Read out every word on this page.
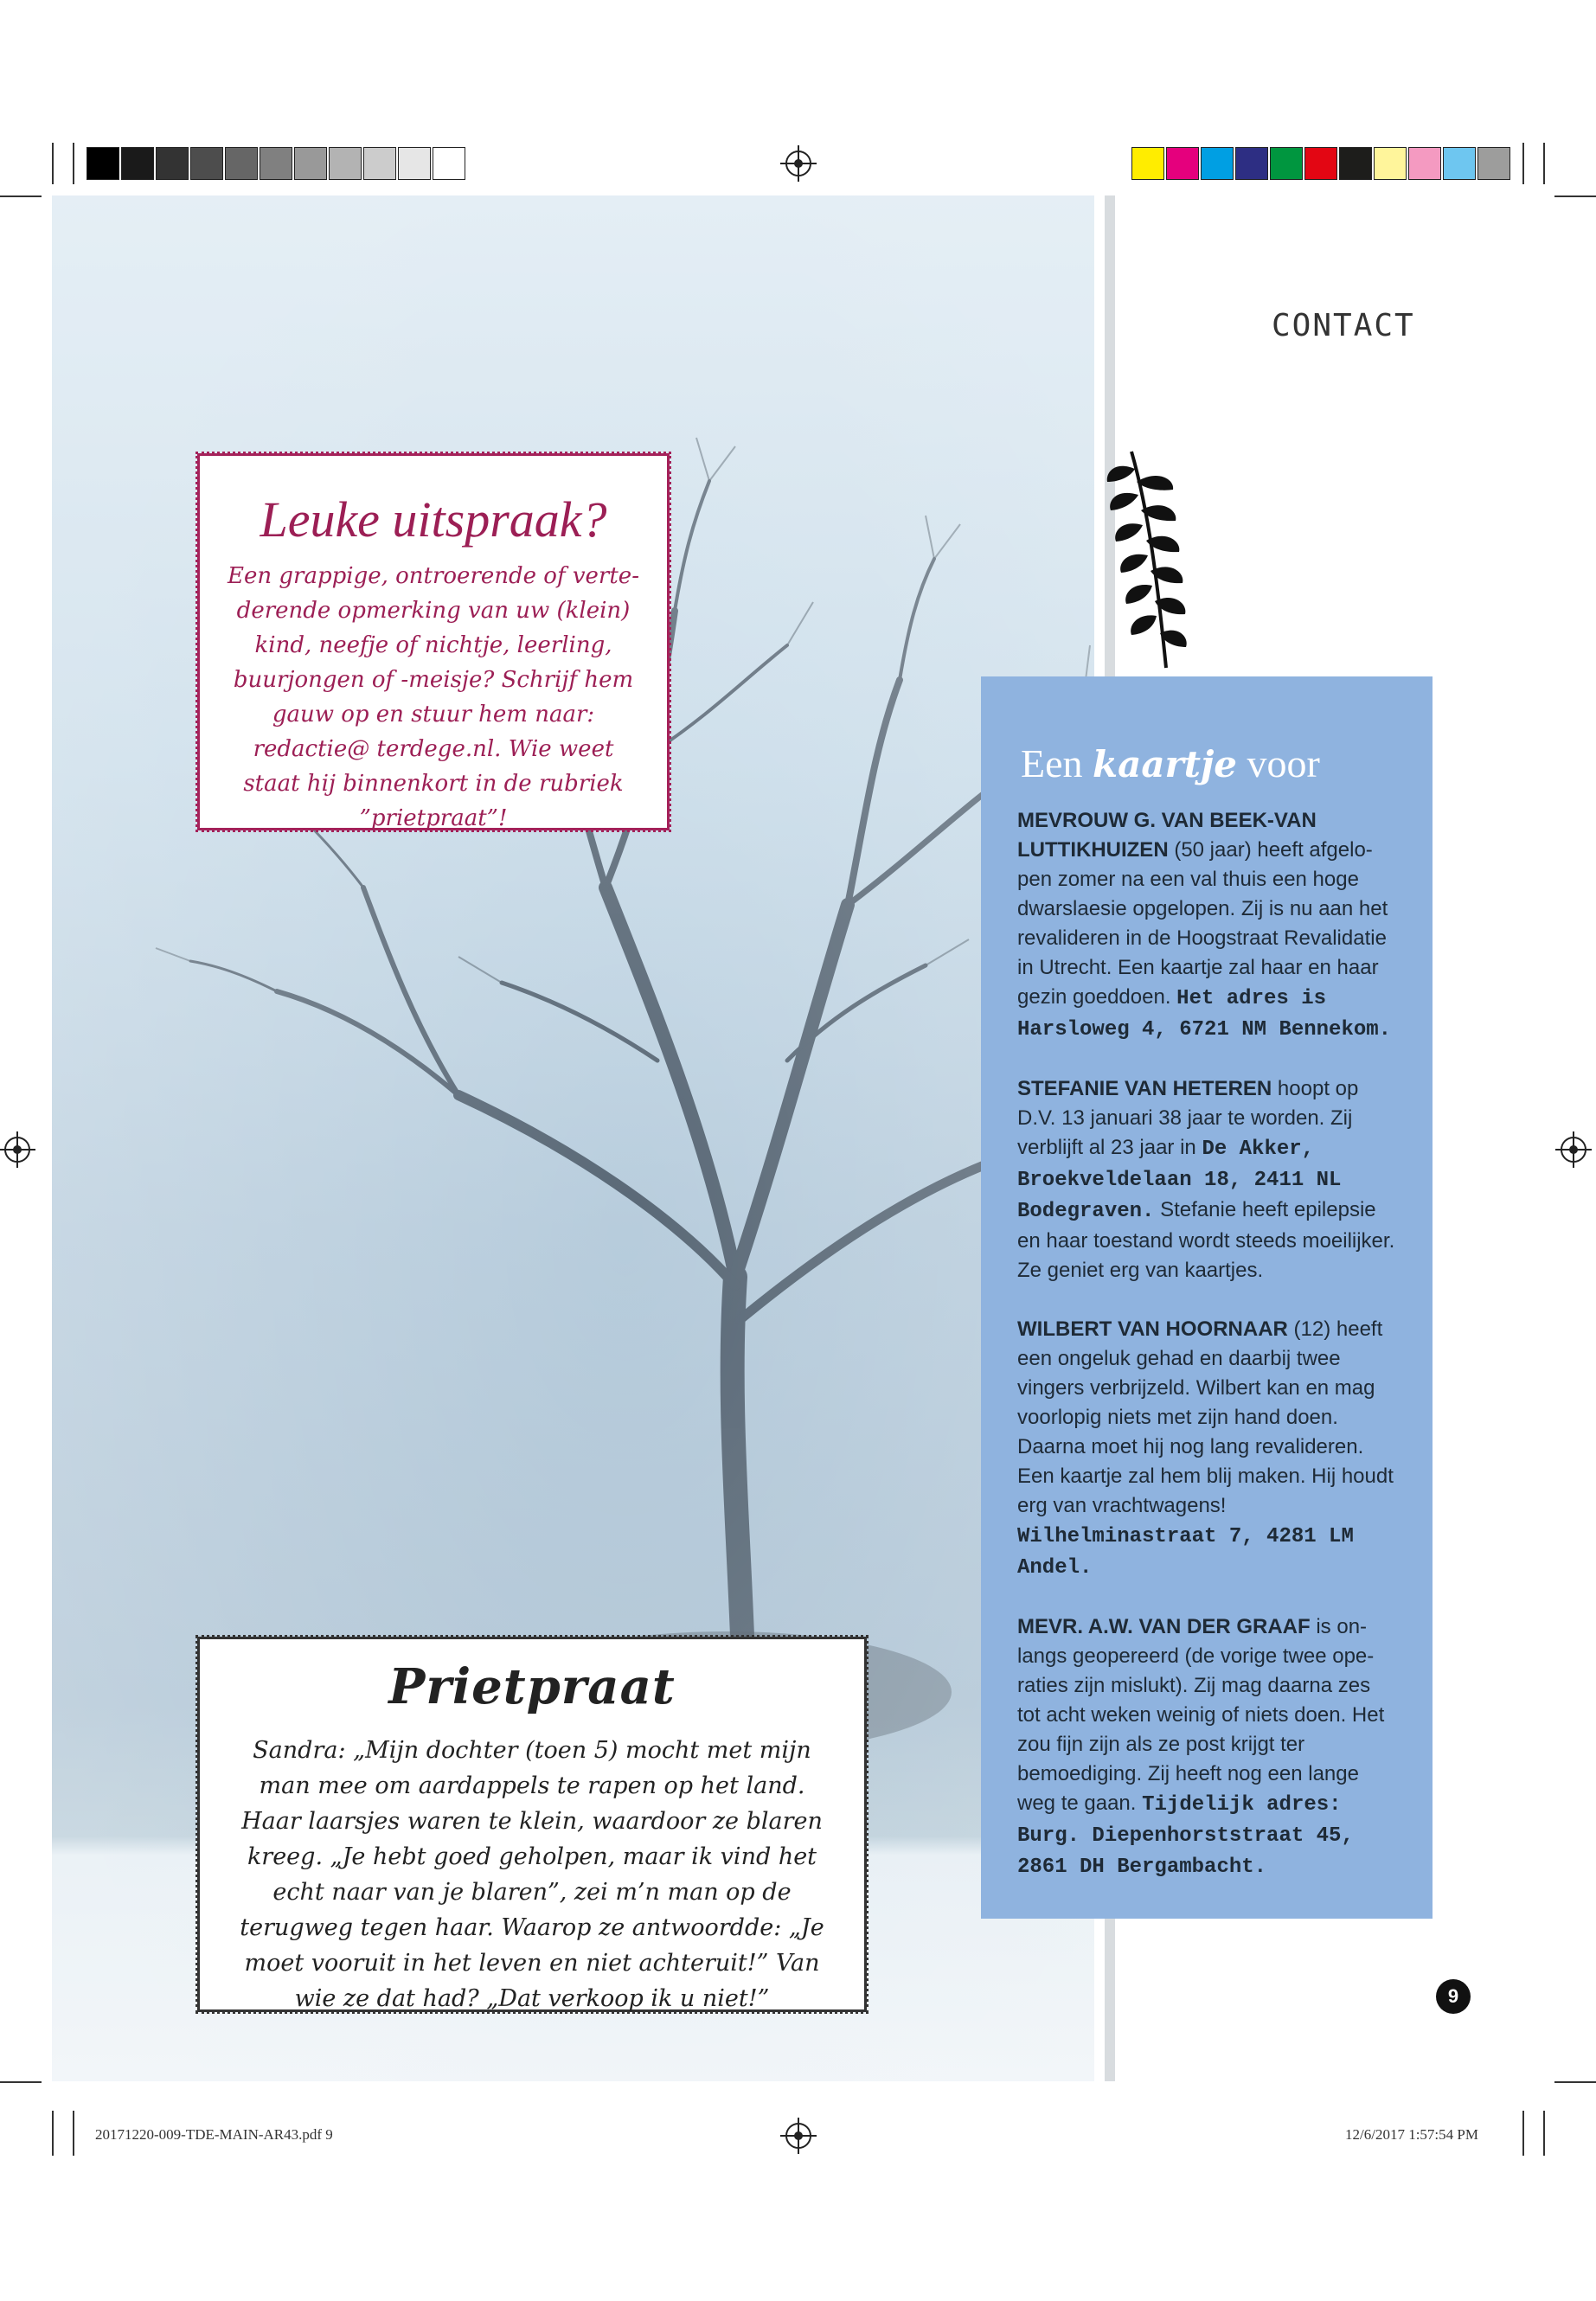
Leuke uitspraak?

Een grappige, ontroerende of vertederende opmerking van uw (klein) kind, neefje of nichtje, leerling, buurjongen of -meisje? Schrijf hem gauw op en stuur hem naar: redactie@ terdege.nl. Wie weet staat hij binnenkort in de rubriek ”prietpraat”!

Prietpraat

Sandra: „Mijn dochter (toen 5) mocht met mijn man mee om aardappels te rapen op het land. Haar laarsjes waren te klein, waardoor ze blaren kreeg. „Je hebt goed geholpen, maar ik vind het echt naar van je blaren”, zei m’n man op de terugweg tegen haar. Waarop ze antwoordde: „Je moet vooruit in het leven en niet achteruit!” Van wie ze dat had? „Dat verkoop ik u niet!”

CONTACT
Een kaartje voor
MEVROUW G. VAN BEEK-VAN LUTTIKHUIZEN (50 jaar) heeft afgelopen zomer na een val thuis een hoge dwarslaesie opgelopen. Zij is nu aan het revalideren in de Hoogstraat Revalidatie in Utrecht. Een kaartje zal haar en haar gezin goeddoen. Het adres is Harsloweg 4, 6721 NM Bennekom.
STEFANIE VAN HETEREN hoopt op D.V. 13 januari 38 jaar te worden. Zij verblijft al 23 jaar in De Akker, Broekveldelaan 18, 2411 NL Bodegraven. Stefanie heeft epilepsie en haar toestand wordt steeds moeilijker. Ze geniet erg van kaartjes.
WILBERT VAN HOORNAAR (12) heeft een ongeluk gehad en daarbij twee vingers verbrijzeld. Wilbert kan en mag voorlopig niets met zijn hand doen. Daarna moet hij nog lang revalideren. Een kaartje zal hem blij maken. Hij houdt erg van vrachtwagens! Wilhelminastraat 7, 4281 LM Andel.
MEVR. A.W. VAN DER GRAAF is onlangs geopereerd (de vorige twee operaties zijn mislukt). Zij mag daarna zes tot acht weken weinig of niets doen. Het zou fijn zijn als ze post krijgt ter bemoediging. Zij heeft nog een lange weg te gaan. Tijdelijk adres: Burg. Diepenhorststraat 45, 2861 DH Bergambacht.
9
20171220-009-TDE-MAIN-AR43.pdf 9	12/6/2017 1:57:54 PM
